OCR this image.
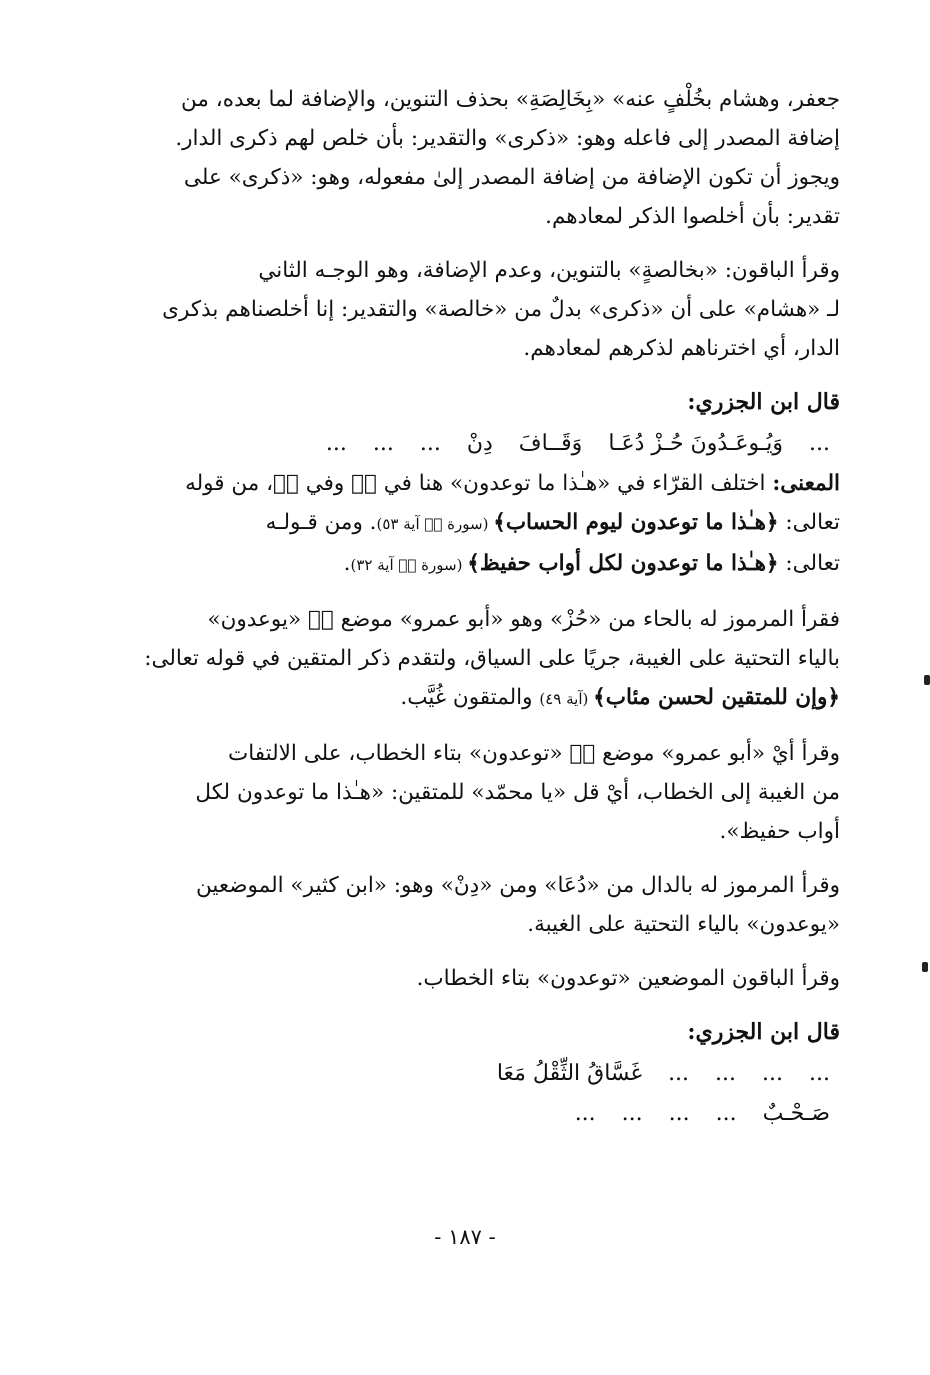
جعفر، وهشام بخُلْفٍ عنه» «بِخَالِصَةِ» بحذف التنوين، والإضافة لما بعده، من

إضافة المصدر إلى فاعله وهو: «ذكرى» والتقدير: بأن خلص لهم ذكرى الدار.

ويجوز أن تكون الإضافة من إضافة المصدر إلىٰ مفعوله، وهو: «ذكرى» على

تقدير: بأن أخلصوا الذكر لمعادهم.

وقرأ الباقون: «بخالصةٍ» بالتنوين، وعدم الإضافة، وهو الوجـه الثاني

لـ «هشام» على أن «ذكرى» بدلٌ من «خالصة» والتقدير: إنا أخلصناهم بذكرى

الدار، أي اخترناهم لذكرهم لمعادهم.

قال ابن الجزري:
...
وَيُـوعَـدُونَ حُـزْ دُعَـا
وَقَــافَ
دِنْ
...
...
...

المعنى: اختلف القرّاء في «هـٰذا ما توعدون» هنا في صۤ وفي قۤ، من قوله

تعالى: ﴿هـٰذا ما توعدون ليوم الحساب﴾ (سورة صۤ آية ٥٣). ومن قـولـه

تعالى: ﴿هـٰذا ما توعدون لكل أواب حفيظ﴾ (سورة قۤ آية ٣٢).

فقرأ المرموز له بالحاء من «حُزْ» وهو «أبو عمرو» موضع صۤ «يوعدون»

بالياء التحتية على الغيبة، جريًا على السياق، ولتقدم ذكر المتقين في قوله تعالى:

﴿وإن للمتقين لحسن مئاب﴾ (آية ٤٩) والمتقون غُيَّب.

وقرأ أيْ «أبو عمرو» موضع قۤ «توعدون» بتاء الخطاب، على الالتفات

من الغيبة إلى الخطاب، أيْ قل «يا محمّد» للمتقين: «هـٰذا ما توعدون لكل

أواب حفيظ».

وقرأ المرموز له بالدال من «دُعَا» ومن «دِنْ» وهو: «ابن كثير» الموضعين

«يوعدون» بالياء التحتية على الغيبة.

وقرأ الباقون الموضعين «توعدون» بتاء الخطاب.

قال ابن الجزري:
...
...
...
...
غَسَّاقُ الثِّقْلُ مَعَا
صَـحْـبٌ
...
...
...
...
- ١٨٧ -
